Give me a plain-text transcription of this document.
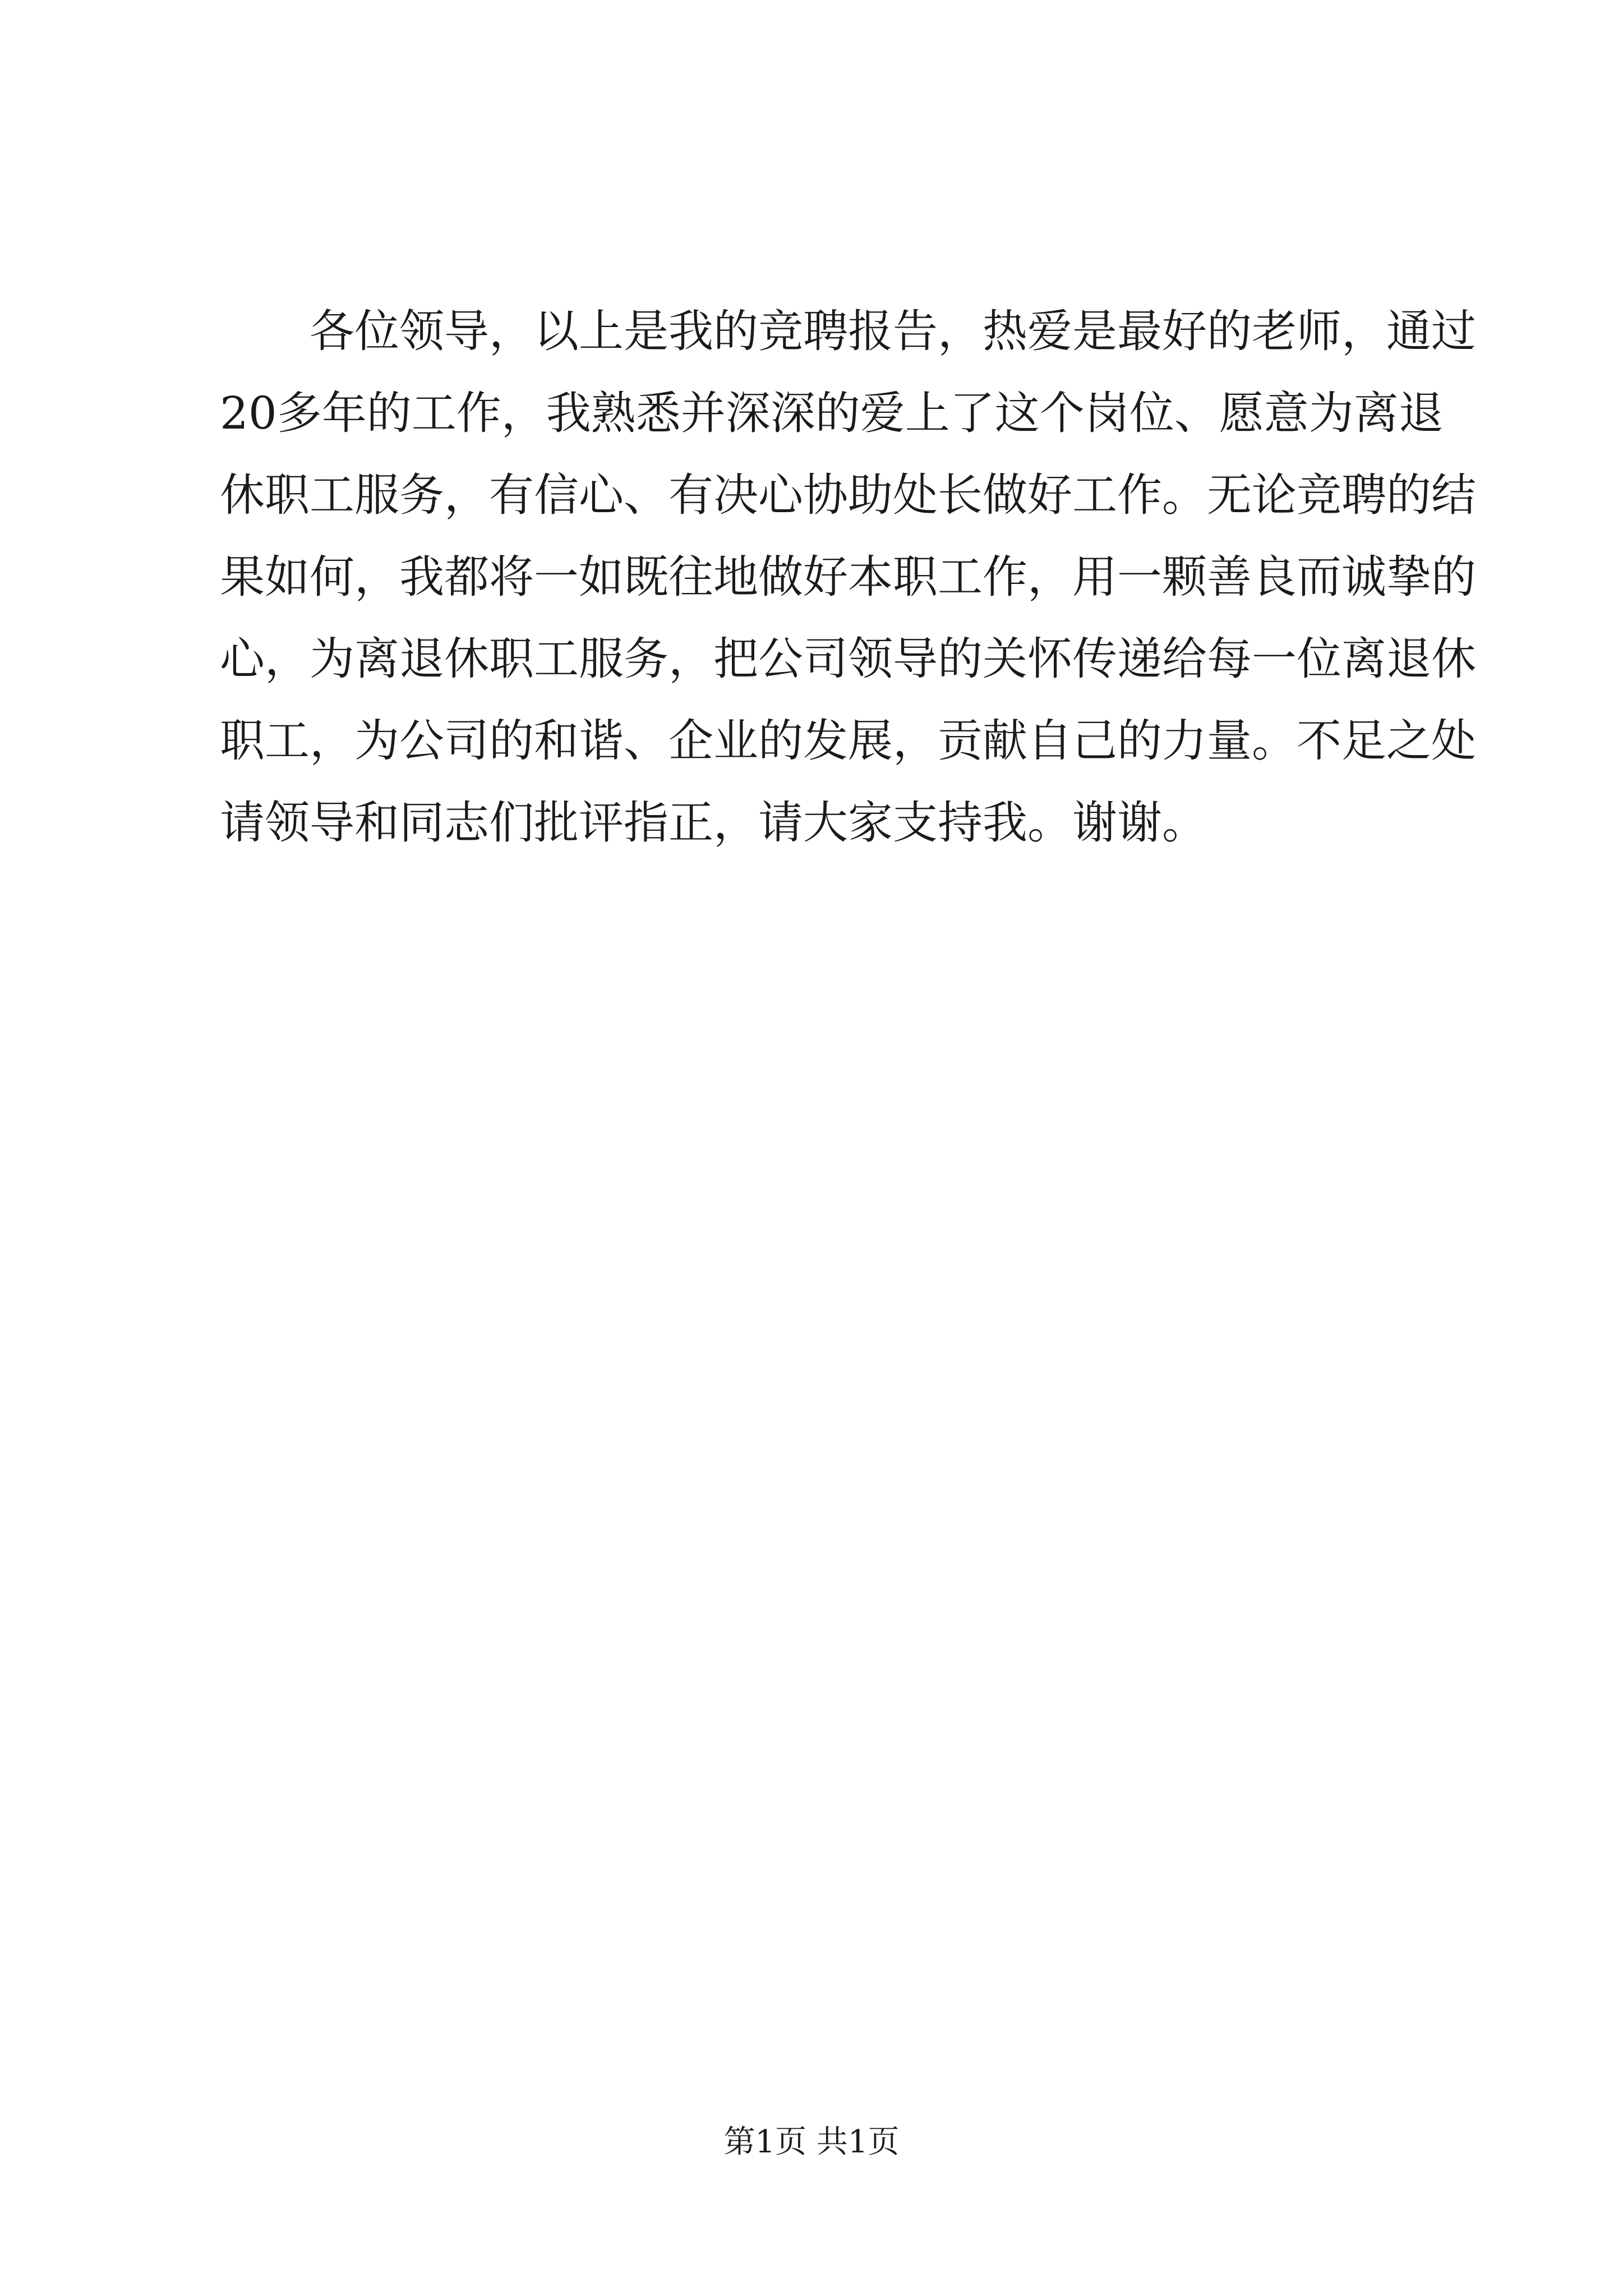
各位领导，以上是我的竞聘报告，热爱是最好的老师，通过
20多年的工作，我熟悉并深深的爱上了这个岗位、愿意为离退
休职工服务，有信心、有决心协助处长做好工作。无论竞聘的结
果如何，我都将一如既往地做好本职工作，用一颗善良而诚挚的
心，为离退休职工服务，把公司领导的关怀传递给每一位离退休
职工，为公司的和谐、企业的发展，贡献自己的力量。不足之处
请领导和同志们批评指正，请大家支持我。谢谢。
第1页 共1页
